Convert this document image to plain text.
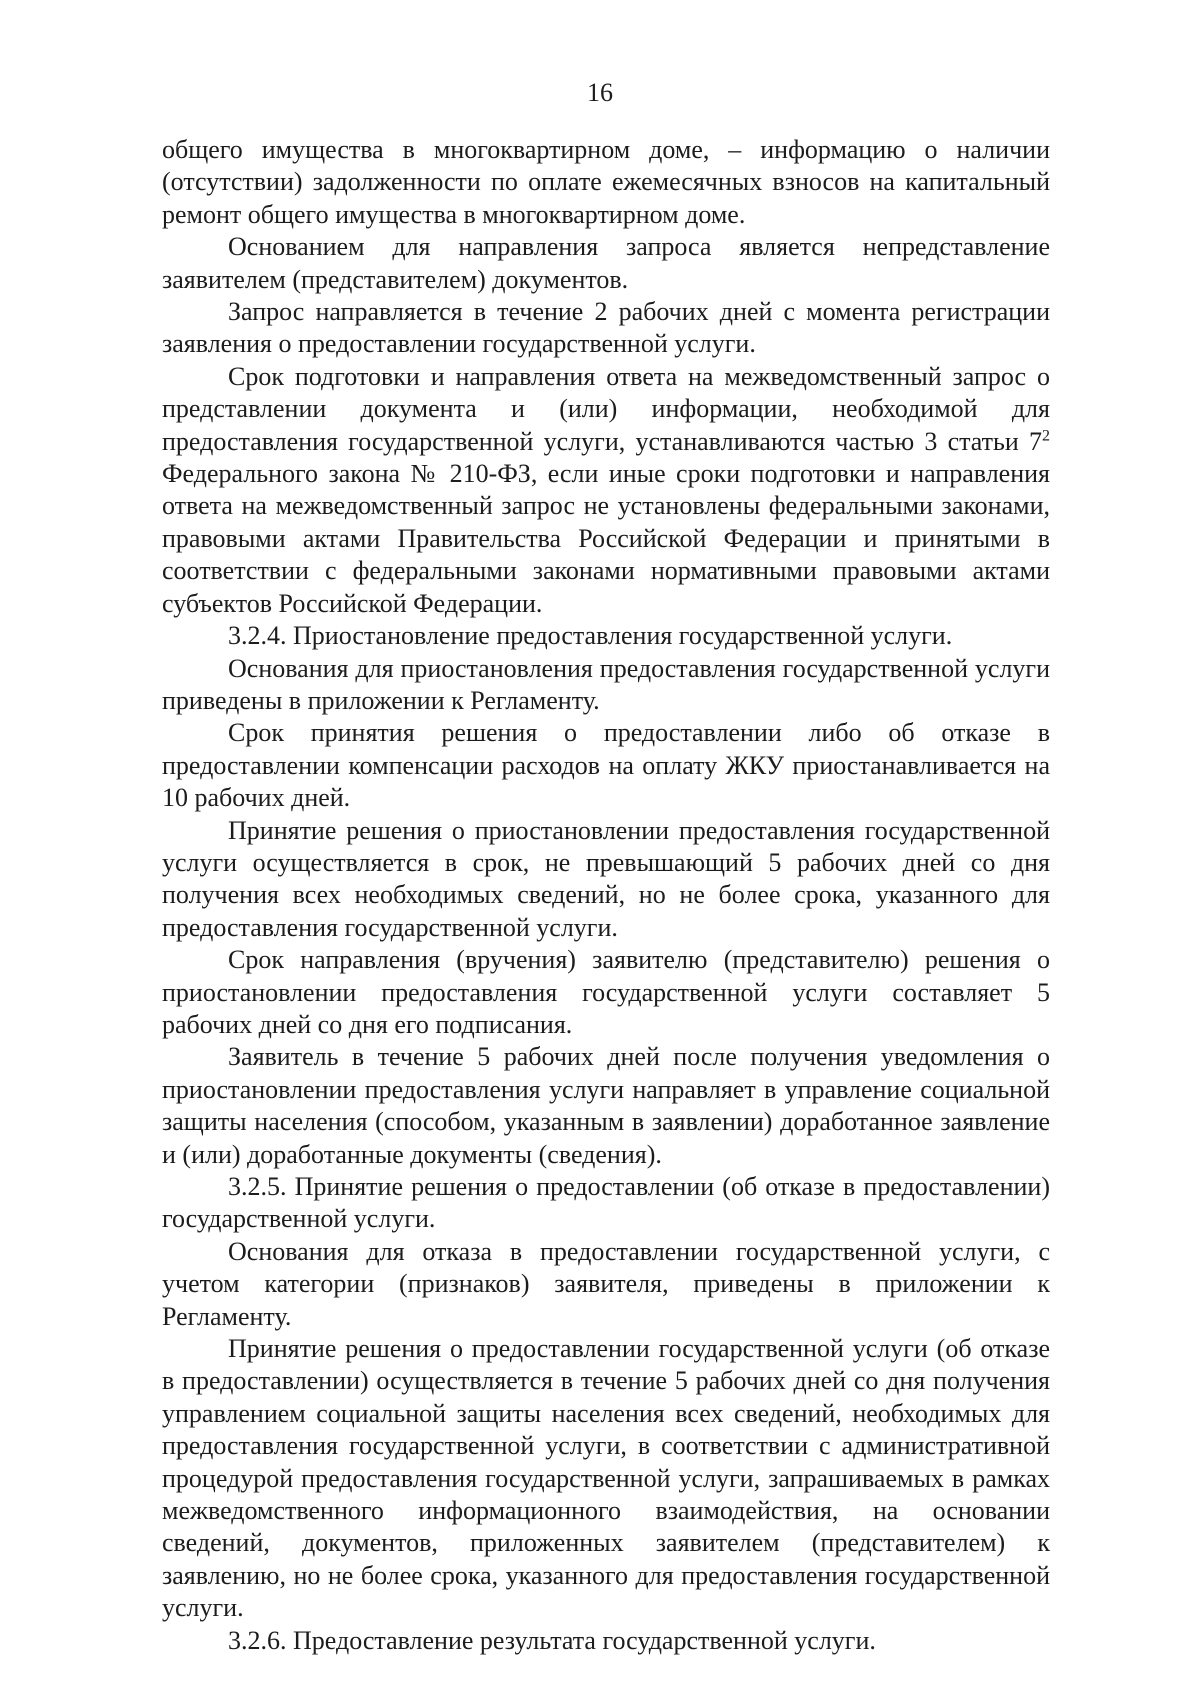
16

общего имущества в многоквартирном доме, – информацию о наличии (отсутствии) задолженности по оплате ежемесячных взносов на капитальный ремонт общего имущества в многоквартирном доме.

Основанием для направления запроса является непредставление заявителем (представителем) документов.

Запрос направляется в течение 2 рабочих дней с момента регистрации заявления о предоставлении государственной услуги.

Срок подготовки и направления ответа на межведомственный запрос о представлении документа и (или) информации, необходимой для предоставления государственной услуги, устанавливаются частью 3 статьи $7^2$ Федерального закона № 210-ФЗ, если иные сроки подготовки и направления ответа на межведомственный запрос не установлены федеральными законами, правовыми актами Правительства Российской Федерации и принятыми в соответствии с федеральными законами нормативными правовыми актами субъектов Российской Федерации.

3.2.4. Приостановление предоставления государственной услуги.

Основания для приостановления предоставления государственной услуги приведены в приложении к Регламенту.

Срок принятия решения о предоставлении либо об отказе в предоставлении компенсации расходов на оплату ЖКУ приостанавливается на 10 рабочих дней.

Принятие решения о приостановлении предоставления государственной услуги осуществляется в срок, не превышающий 5 рабочих дней со дня получения всех необходимых сведений, но не более срока, указанного для предоставления государственной услуги.

Срок направления (вручения) заявителю (представителю) решения о приостановлении предоставления государственной услуги составляет 5 рабочих дней со дня его подписания.

Заявитель в течение 5 рабочих дней после получения уведомления о приостановлении предоставления услуги направляет в управление социальной защиты населения (способом, указанным в заявлении) доработанное заявление и (или) доработанные документы (сведения).

3.2.5. Принятие решения о предоставлении (об отказе в предоставлении) государственной услуги.

Основания для отказа в предоставлении государственной услуги, с учетом категории (признаков) заявителя, приведены в приложении к Регламенту.

Принятие решения о предоставлении государственной услуги (об отказе в предоставлении) осуществляется в течение 5 рабочих дней со дня получения управлением социальной защиты населения всех сведений, необходимых для предоставления государственной услуги, в соответствии с административной процедурой предоставления государственной услуги, запрашиваемых в рамках межведомственного информационного взаимодействия, на основании сведений, документов, приложенных заявителем (представителем) к заявлению, но не более срока, указанного для предоставления государственной услуги.

3.2.6. Предоставление результата государственной услуги.
